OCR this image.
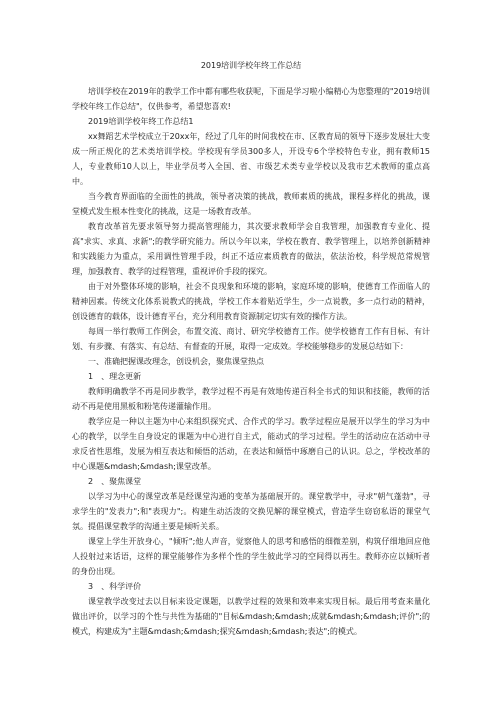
2019培训学校年终工作总结

培训学校在2019年的教学工作中都有哪些收获呢，下面是学习啦小编精心为您整理的"2019培训学校年终工作总结"，仅供参考，希望您喜欢!

2019培训学校年终工作总结1

xx舞蹈艺术学校成立于20xx年，经过了几年的时间我校在市、区教育局的领导下逐步发展壮大变成一所正规化的艺术类培训学校。学校现有学员300多人，开设专6个学校特色专业，拥有教师15人，专业教师10人以上，毕业学员考入全国、省、市级艺术类专业学校以及我市艺术教师的重点高中。

当今教育界面临的全面性的挑战，领导者决策的挑战，教师素质的挑战，课程多样化的挑战，课堂模式发生根本性变化的挑战，这是一场教育改革。

教育改革首先要求领导努力提高管理能力，其次要求教师学会自我管理，加强教育专业化、提高"求实、求真、求新";的教学研究能力。所以今年以来，学校在教育、教学管理上，以培养创新精神和实践能力为重点，采用调性管理手段，纠正不适应素质教育的做法，依法治校，科学规范常规管理，加强教育、教学的过程管理，重视评价手段的探究。

由于对外整体环境的影响，社会不良现象和环境的影响，家庭环境的影响，使德育工作面临人的精神因素。传统文化体系说教式的挑战，学校工作本着贴近学生，少一点说教，多一点行动的精神，创设德育的载体，设计德育平台，充分利用教育资源制定切实有效的操作方法。

每周一举行教师工作例会，布置交流、商讨、研究学校德育工作。使学校德育工作有目标、有计划、有步骤、有落实、有总结、有督查的开展，取得一定成效。学校能够稳步的发展总结如下：

一、准确把握课改理念，创设机会，聚焦课堂热点

1　、理念更新

教师明确教学不再是同步教学，教学过程不再是有效地传递百科全书式的知识和技能，教师的活动不再是使用黑板和粉笔传递灌输作用。

教学应是一种以主题为中心来组织探究式、合作式的学习。教学过程应是展开以学生的学习为中心的教学，以学生自身设定的课题为中心进行自主式，能动式的学习过程。学生的活动应在活动中寻求反省性思维，发展为相互表达和倾悟的活动，在表达和倾悟中琢磨自己的认识。总之，学校改革的中心课题&mdash;&mdash;课堂改革。

2　、聚焦课堂

以学习为中心的课堂改革是经课堂沟通的变革为基础展开的。课堂教学中，寻求"朝气蓬勃"，寻求学生的"发表力";和"表现力";。构建生动活泼的交换见解的课堂模式，营造学生窃窃私语的课堂气氛。提倡课堂教学的沟通主要是倾听关系。

课堂上学生开放身心，"倾听";他人声音，觉察他人的思考和感悟的细微差别，构筑仔细地回应他人投射过来话语，这样的课堂能够作为多样个性的学生彼此学习的空间得以再生。教师亦应以倾听者的身份出现。

3　、科学评价

课堂教学改变过去以目标来设定课题，以教学过程的效果和效率来实现目标。最后用考查来量化做出评价，以学习的个性与共性为基础的"目标&mdash;&mdash;成就&mdash;&mdash;评价";的模式，构建成为"主题&mdash;&mdash;探究&mdash;&mdash;表达";的模式。
